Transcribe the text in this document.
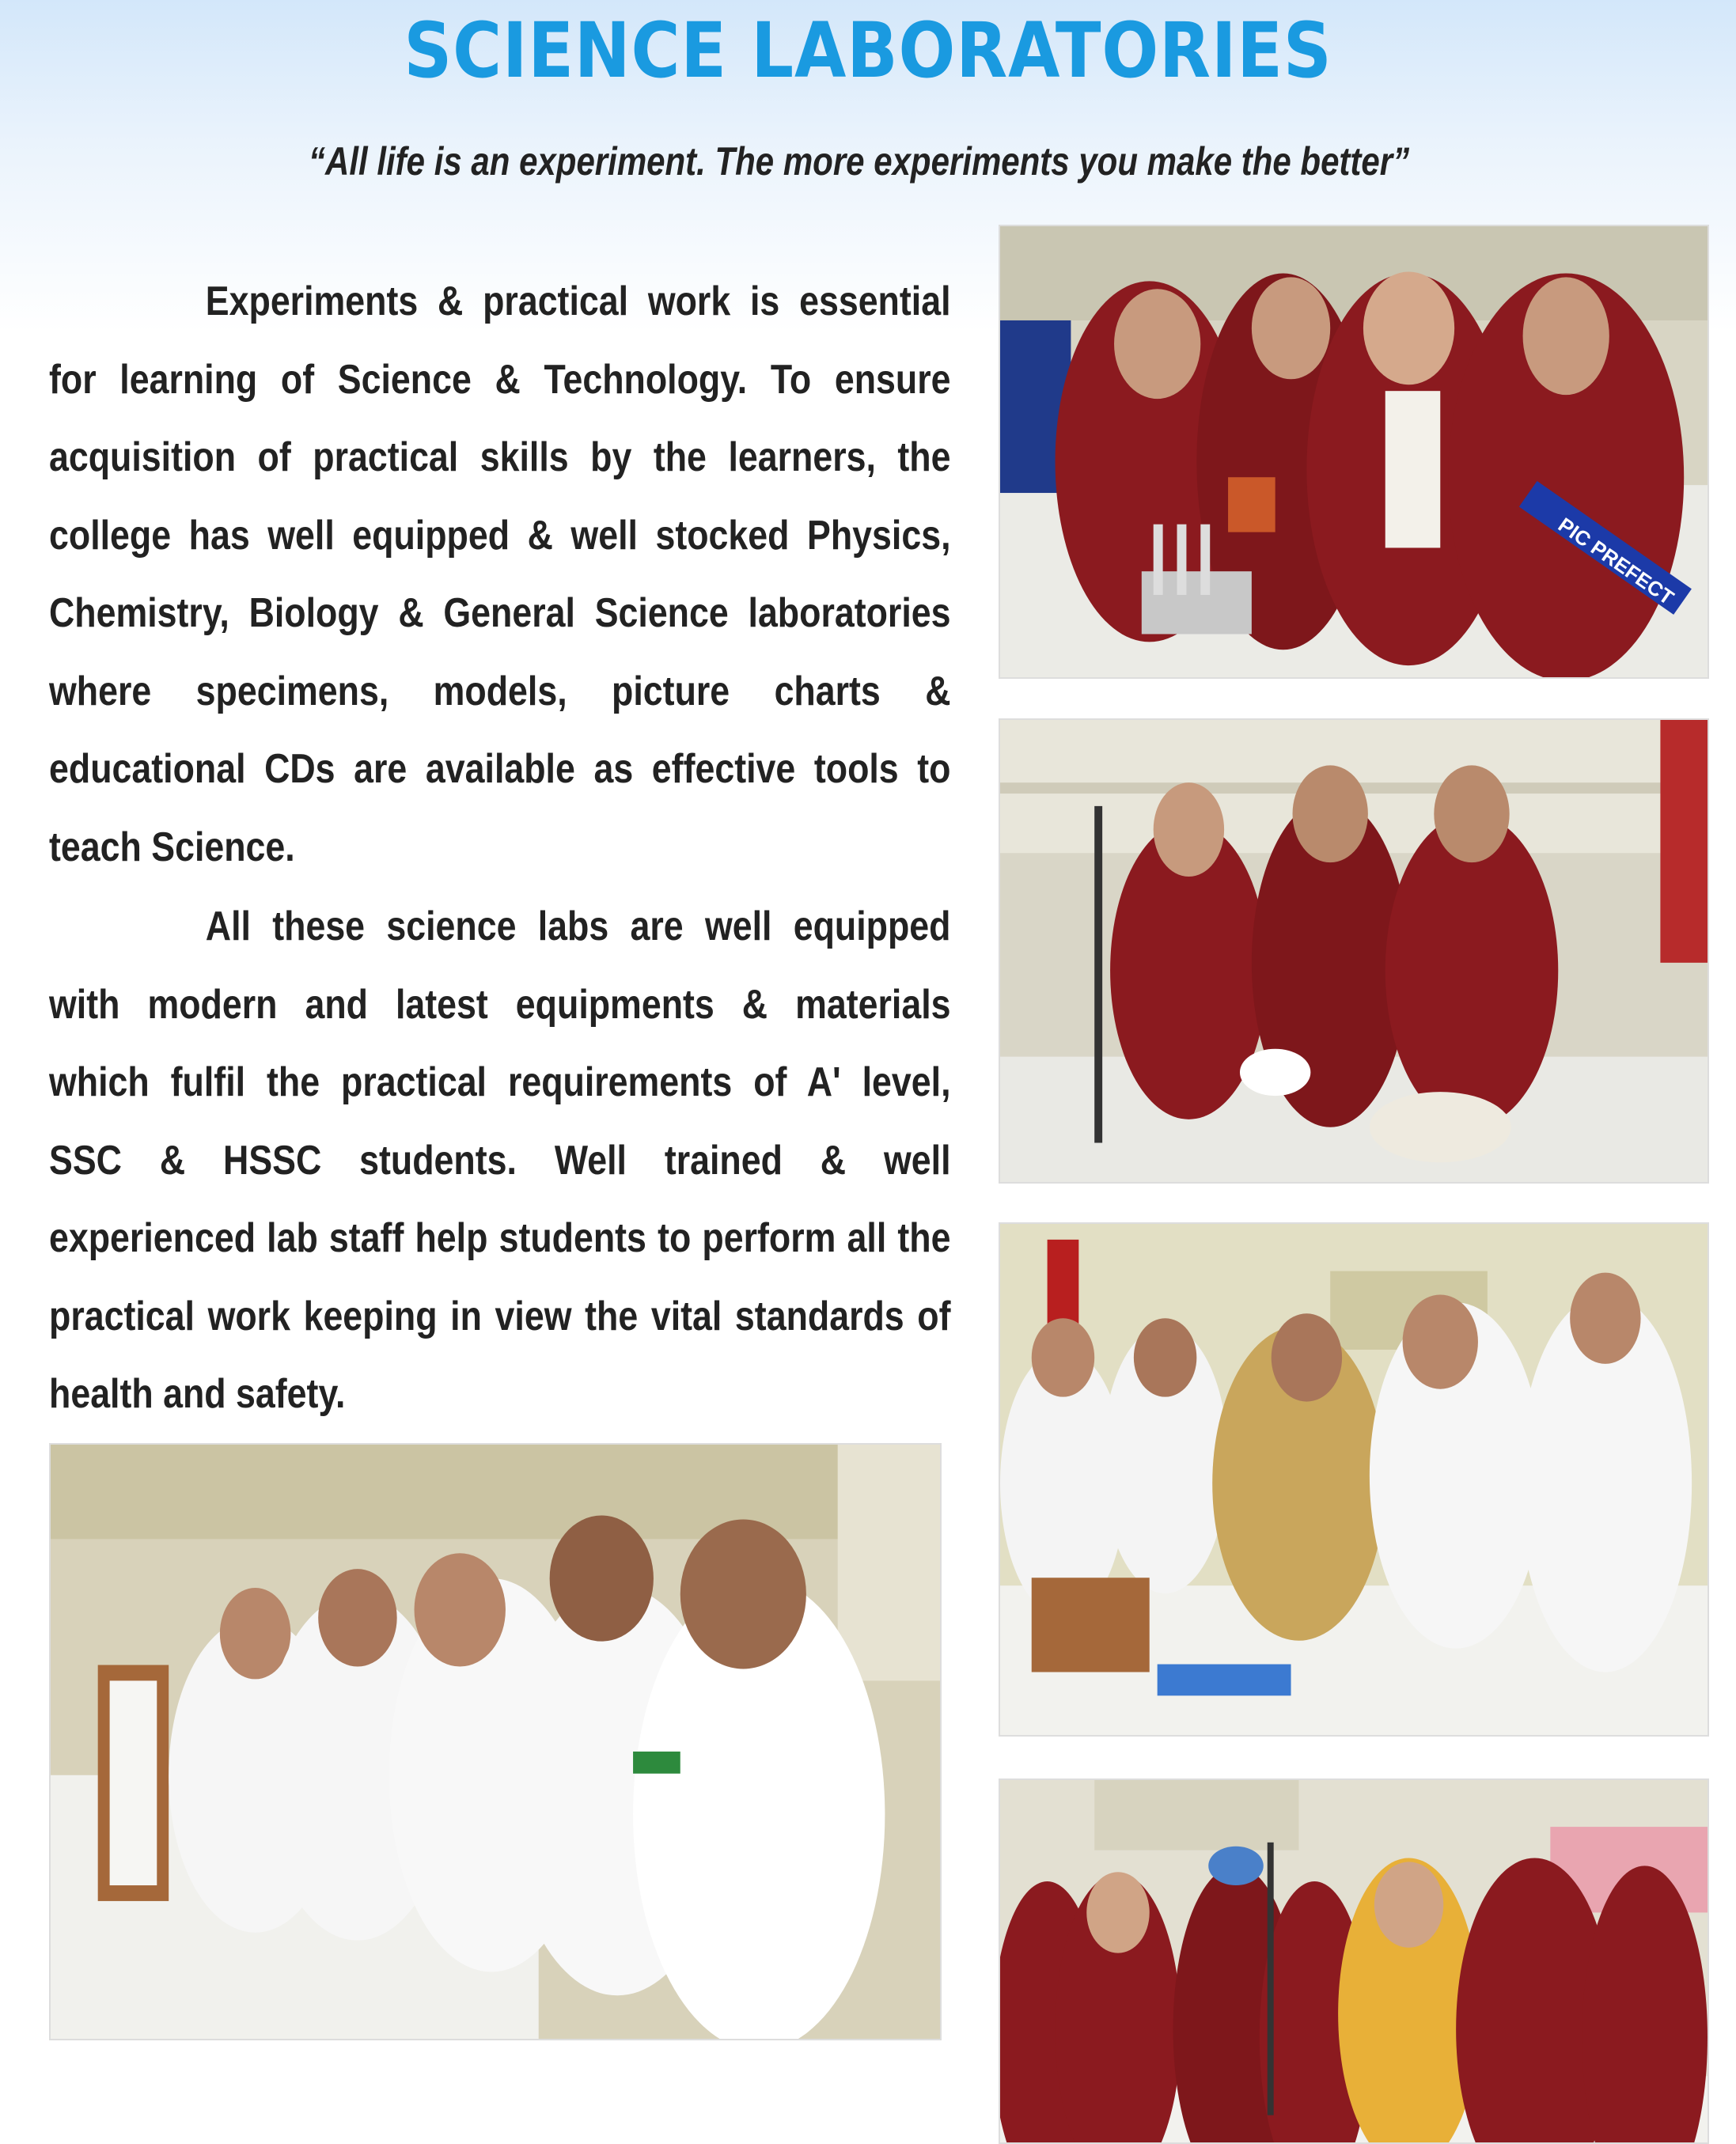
SCIENCE LABORATORIES
“All life is an experiment. The more experiments you make the better”
Experiments & practical work is essential for learning of Science & Technology. To ensure acquisition of practical skills by the learners, the college has well equipped & well stocked Physics, Chemistry, Biology & General Science laboratories where specimens, models, picture charts & educational CDs are available as effective tools to teach Science.
All these science labs are well equipped with modern and latest equipments & materials which fulfil the practical requirements of A' level, SSC & HSSC students. Well trained & well experienced lab staff help students to perform all the practical work keeping in view the vital standards of health and safety.
PIC PREFECT
